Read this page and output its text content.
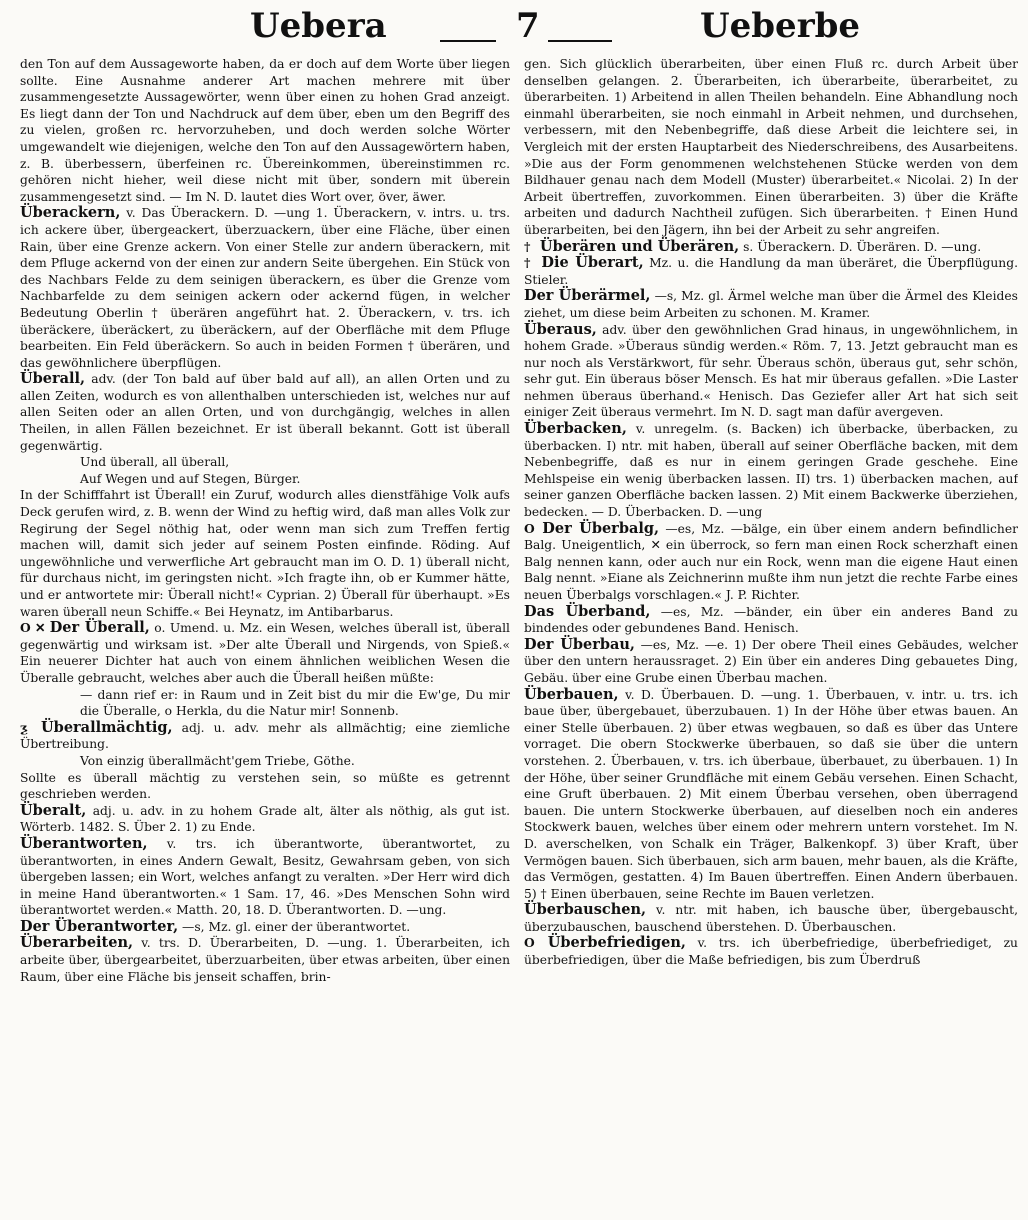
Uebera	7	Ueberbe

den Ton auf dem Aussageworte haben, da er doch auf dem Worte über liegen sollte. Eine Ausnahme anderer Art machen mehrere mit über zusammengesetzte Aussagewörter, wenn über einen zu hohen Grad anzeigt. Es liegt dann der Ton und Nachdruck auf dem über, eben um den Begriff des zu vielen, großen rc. hervorzuheben, und doch werden solche Wörter umgewandelt wie diejenigen, welche den Ton auf den Aussagewörtern haben, z. B. überbessern, überfeinen rc. Übereinkommen, übereinstimmen rc. gehören nicht hieher, weil diese nicht mit über, sondern mit überein zusammengesetzt sind. — Im N. D. lautet dies Wort over, över, äwer.

Überackern, v. Das Überackern. D. —ung 1. Überackern, v. intrs. u. trs. ich ackere über, übergeackert, überzuackern, über eine Fläche, über einen Rain, über eine Grenze ackern. Von einer Stelle zur andern überackern, mit dem Pfluge ackernd von der einen zur andern Seite übergehen. Ein Stück von des Nachbars Felde zu dem seinigen überackern, es über die Grenze vom Nachbarfelde zu dem seinigen ackern oder ackernd fügen, in welcher Bedeutung Oberlin † überären angeführt hat. 2. Überackern, v. trs. ich überäckere, überäckert, zu überäckern, auf der Oberfläche mit dem Pfluge bearbeiten. Ein Feld überäckern. So auch in beiden Formen † überären, und das gewöhnlichere überpflügen.

Überall, adv. (der Ton bald auf über bald auf all), an allen Orten und zu allen Zeiten, wodurch es von allenthalben unterschieden ist, welches nur auf allen Seiten oder an allen Orten, und von durchgängig, welches in allen Theilen, in allen Fällen bezeichnet. Er ist überall bekannt. Gott ist überall gegenwärtig.

Und überall, all überall,

Auf Wegen und auf Stegen, Bürger.

In der Schifffahrt ist Überall! ein Zuruf, wodurch alles dienstfähige Volk aufs Deck gerufen wird, z. B. wenn der Wind zu heftig wird, daß man alles Volk zur Regirung der Segel nöthig hat, oder wenn man sich zum Treffen fertig machen will, damit sich jeder auf seinem Posten einfinde. Röding. Auf ungewöhnliche und verwerfliche Art gebraucht man im O. D. 1) überall nicht, für durchaus nicht, im geringsten nicht. »Ich fragte ihn, ob er Kummer hätte, und er antwortete mir: Überall nicht!« Cyprian. 2) Überall für überhaupt. »Es waren überall neun Schiffe.« Bei Heynatz, im Antibarbarus.

O ✕ Der Überall, o. Umend. u. Mz. ein Wesen, welches überall ist, überall gegenwärtig und wirksam ist. »Der alte Überall und Nirgends, von Spieß.« Ein neuerer Dichter hat auch von einem ähnlichen weiblichen Wesen die Überalle gebraucht, welches aber auch die Überall heißen müßte:

— dann rief er: in Raum und in Zeit bist du mir die Ew'ge, Du mir die Überalle, o Herkla, du die Natur mir! Sonnenb.

ƺ Überallmächtig, adj. u. adv. mehr als allmächtig; eine ziemliche Übertreibung.

Von einzig überallmächt'gem Triebe, Göthe.

Sollte es überall mächtig zu verstehen sein, so müßte es getrennt geschrieben werden.

Überalt, adj. u. adv. in zu hohem Grade alt, älter als nöthig, als gut ist. Wörterb. 1482. S. Über 2. 1) zu Ende.

Überantworten, v. trs. ich überantworte, überantwortet, zu überantworten, in eines Andern Gewalt, Besitz, Gewahrsam geben, von sich übergeben lassen; ein Wort, welches anfangt zu veralten. »Der Herr wird dich in meine Hand überantworten.« 1 Sam. 17, 46. »Des Menschen Sohn wird überantwortet werden.« Matth. 20, 18. D. Überantworten. D. —ung.

Der Überantworter, —s, Mz. gl. einer der überantwortet.

Überarbeiten, v. trs. D. Überarbeiten, D. —ung. 1. Überarbeiten, ich arbeite über, übergearbeitet, überzuarbeiten, über etwas arbeiten, über einen Raum, über eine Fläche bis jenseit schaffen, brin-

gen. Sich glücklich überarbeiten, über einen Fluß rc. durch Arbeit über denselben gelangen. 2. Überarbeiten, ich überarbeite, überarbeitet, zu überarbeiten. 1) Arbeitend in allen Theilen behandeln. Eine Abhandlung noch einmahl überarbeiten, sie noch einmahl in Arbeit nehmen, und durchsehen, verbessern, mit den Nebenbegriffe, daß diese Arbeit die leichtere sei, in Vergleich mit der ersten Hauptarbeit des Niederschreibens, des Ausarbeitens. »Die aus der Form genommenen welchstehenen Stücke werden von dem Bildhauer genau nach dem Modell (Muster) überarbeitet.« Nicolai. 2) In der Arbeit übertreffen, zuvorkommen. Einen überarbeiten. 3) über die Kräfte arbeiten und dadurch Nachtheil zufügen. Sich überarbeiten. † Einen Hund überarbeiten, bei den Jägern, ihn bei der Arbeit zu sehr angreifen.

† Überären und Überären, s. Überackern. D. Überären. D. —ung.

† Die Überart, Mz. u. die Handlung da man überäret, die Überpflügung. Stieler.

Der Überärmel, —s, Mz. gl. Ärmel welche man über die Ärmel des Kleides ziehet, um diese beim Arbeiten zu schonen. M. Kramer.

Überaus, adv. über den gewöhnlichen Grad hinaus, in ungewöhnlichem, in hohem Grade. »Überaus sündig werden.« Röm. 7, 13. Jetzt gebraucht man es nur noch als Verstärkwort, für sehr. Überaus schön, überaus gut, sehr schön, sehr gut. Ein überaus böser Mensch. Es hat mir überaus gefallen. »Die Laster nehmen überaus überhand.« Henisch. Das Geziefer aller Art hat sich seit einiger Zeit überaus vermehrt. Im N. D. sagt man dafür avergeven.

Überbacken, v. unregelm. (s. Backen) ich überbacke, überbacken, zu überbacken. I) ntr. mit haben, überall auf seiner Oberfläche backen, mit dem Nebenbegriffe, daß es nur in einem geringen Grade geschehe. Eine Mehlspeise ein wenig überbacken lassen. II) trs. 1) überbacken machen, auf seiner ganzen Oberfläche backen lassen. 2) Mit einem Backwerke überziehen, bedecken. — D. Überbacken. D. —ung

O Der Überbalg, —es, Mz. —bälge, ein über einem andern befindlicher Balg. Uneigentlich, ✕ ein überrock, so fern man einen Rock scherzhaft einen Balg nennen kann, oder auch nur ein Rock, wenn man die eigene Haut einen Balg nennt. »Eiane als Zeichnerinn mußte ihm nun jetzt die rechte Farbe eines neuen Überbalgs vorschlagen.« J. P. Richter.

Das Überband, —es, Mz. —bänder, ein über ein anderes Band zu bindendes oder gebundenes Band. Henisch.

Der Überbau, —es, Mz. —e. 1) Der obere Theil eines Gebäudes, welcher über den untern heraussraget. 2) Ein über ein anderes Ding gebauetes Ding, Gebäu. über eine Grube einen Überbau machen.

Überbauen, v. D. Überbauen. D. —ung. 1. Überbauen, v. intr. u. trs. ich baue über, übergebauet, überzubauen. 1) In der Höhe über etwas bauen. An einer Stelle überbauen. 2) über etwas wegbauen, so daß es über das Untere vorraget. Die obern Stockwerke überbauen, so daß sie über die untern vorstehen. 2. Überbauen, v. trs. ich überbaue, überbauet, zu überbauen. 1) In der Höhe, über seiner Grundfläche mit einem Gebäu versehen. Einen Schacht, eine Gruft überbauen. 2) Mit einem Überbau versehen, oben überragend bauen. Die untern Stockwerke überbauen, auf dieselben noch ein anderes Stockwerk bauen, welches über einem oder mehrern untern vorstehet. Im N. D. averschelken, von Schalk ein Träger, Balkenkopf. 3) über Kraft, über Vermögen bauen. Sich überbauen, sich arm bauen, mehr bauen, als die Kräfte, das Vermögen, gestatten. 4) Im Bauen übertreffen. Einen Andern überbauen. 5) † Einen überbauen, seine Rechte im Bauen verletzen.

Überbauschen, v. ntr. mit haben, ich bausche über, übergebauscht, überzubauschen, bauschend überstehen. D. Überbauschen.

O Überbefriedigen, v. trs. ich überbefriedige, überbefriediget, zu überbefriedigen, über die Maße befriedigen, bis zum Überdruß
